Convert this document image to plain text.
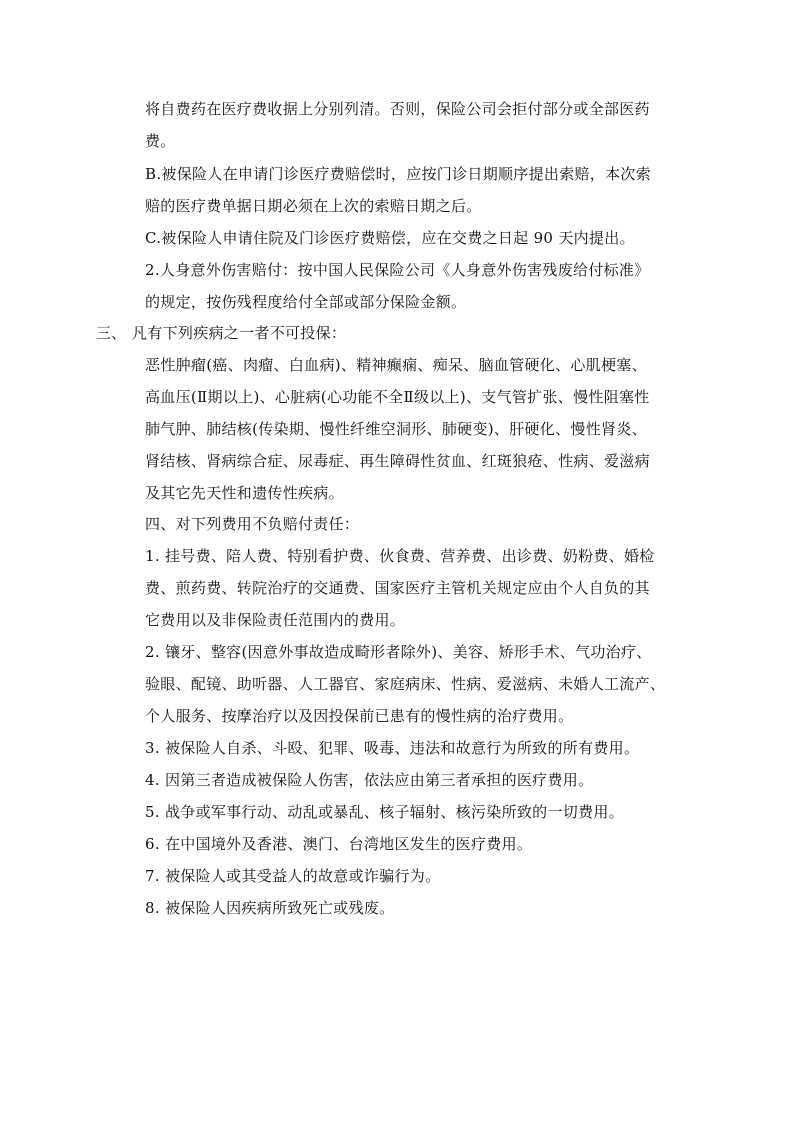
将自费药在医疗费收据上分别列清。否则，保险公司会拒付部分或全部医药
费。
B.被保险人在申请门诊医疗费赔偿时，应按门诊日期顺序提出索赔，本次索
赔的医疗费单据日期必须在上次的索赔日期之后。
C.被保险人申请住院及门诊医疗费赔偿，应在交费之日起 90 天内提出。
2.人身意外伤害赔付：按中国人民保险公司《人身意外伤害残废给付标准》
的规定，按伤残程度给付全部或部分保险金额。
三、 凡有下列疾病之一者不可投保：
恶性肿瘤(癌、肉瘤、白血病)、精神癫痫、痴呆、脑血管硬化、心肌梗塞、
高血压(Ⅱ期以上)、心脏病(心功能不全Ⅱ级以上)、支气管扩张、慢性阻塞性
肺气肿、肺结核(传染期、慢性纤维空洞形、肺硬变)、肝硬化、慢性肾炎、
肾结核、肾病综合症、尿毒症、再生障碍性贫血、红斑狼疮、性病、爱滋病
及其它先天性和遗传性疾病。
四、对下列费用不负赔付责任：
1. 挂号费、陪人费、特别看护费、伙食费、营养费、出诊费、奶粉费、婚检
费、煎药费、转院治疗的交通费、国家医疗主管机关规定应由个人自负的其
它费用以及非保险责任范围内的费用。
2. 镶牙、整容(因意外事故造成畸形者除外)、美容、矫形手术、气功治疗、
验眼、配镜、助听器、人工器官、家庭病床、性病、爱滋病、未婚人工流产、
个人服务、按摩治疗以及因投保前已患有的慢性病的治疗费用。
3. 被保险人自杀、斗殴、犯罪、吸毒、违法和故意行为所致的所有费用。
4. 因第三者造成被保险人伤害，依法应由第三者承担的医疗费用。
5. 战争或军事行动、动乱或暴乱、核子辐射、核污染所致的一切费用。
6. 在中国境外及香港、澳门、台湾地区发生的医疗费用。
7. 被保险人或其受益人的故意或诈骗行为。
8. 被保险人因疾病所致死亡或残废。
